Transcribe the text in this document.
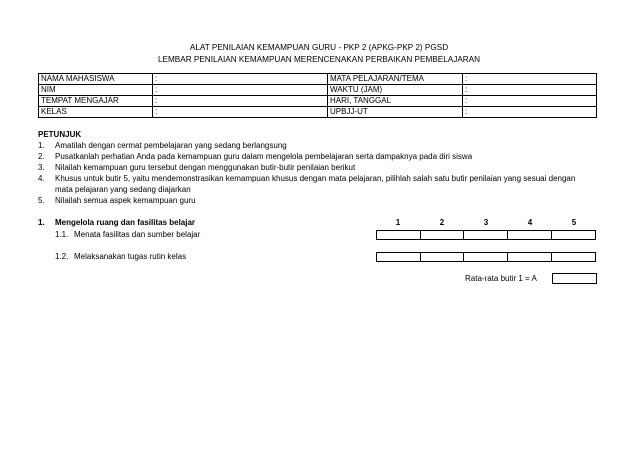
ALAT PENILAIAN KEMAMPUAN GURU - PKP 2 (APKG-PKP 2) PGSD
LEMBAR PENILAIAN KEMAMPUAN MERENCENAKAN PERBAIKAN PEMBELAJARAN
NAMA MAHASISWA	:	MATA PELAJARAN/TEMA	:
NIM	:	WAKTU (JAM)	:
TEMPAT MENGAJAR	:	HARI, TANGGAL	:
KELAS	:	UPBJJ-UT	:
PETUNJUK
1. Amatilah dengan cermat pembelajaran yang sedang berlangsung
2. Pusatkanlah perhatian Anda pada kemampuan guru dalam mengelola pembelajaran serta dampaknya pada diri siswa
3. Nilailah kemampuan guru tersebut dengan menggunakan butir-butir penilaian berikut
4. Khusus untuk butir 5, yaitu mendemonstrasikan kemampuan khusus dengan mata pelajaran, pilihlah salah satu butir penilaian yang sesuai dengan
mata pelajaran yang sedang diajarkan
5. Nilailah semua aspek kemampuan guru
1. Mengelola ruang dan fasilitas belajar	1	2	3	4	5
1.1. Menata fasilitas dan sumber belajar
1.2. Melaksanakan tugas rutin kelas
Rata-rata butir 1 = A
